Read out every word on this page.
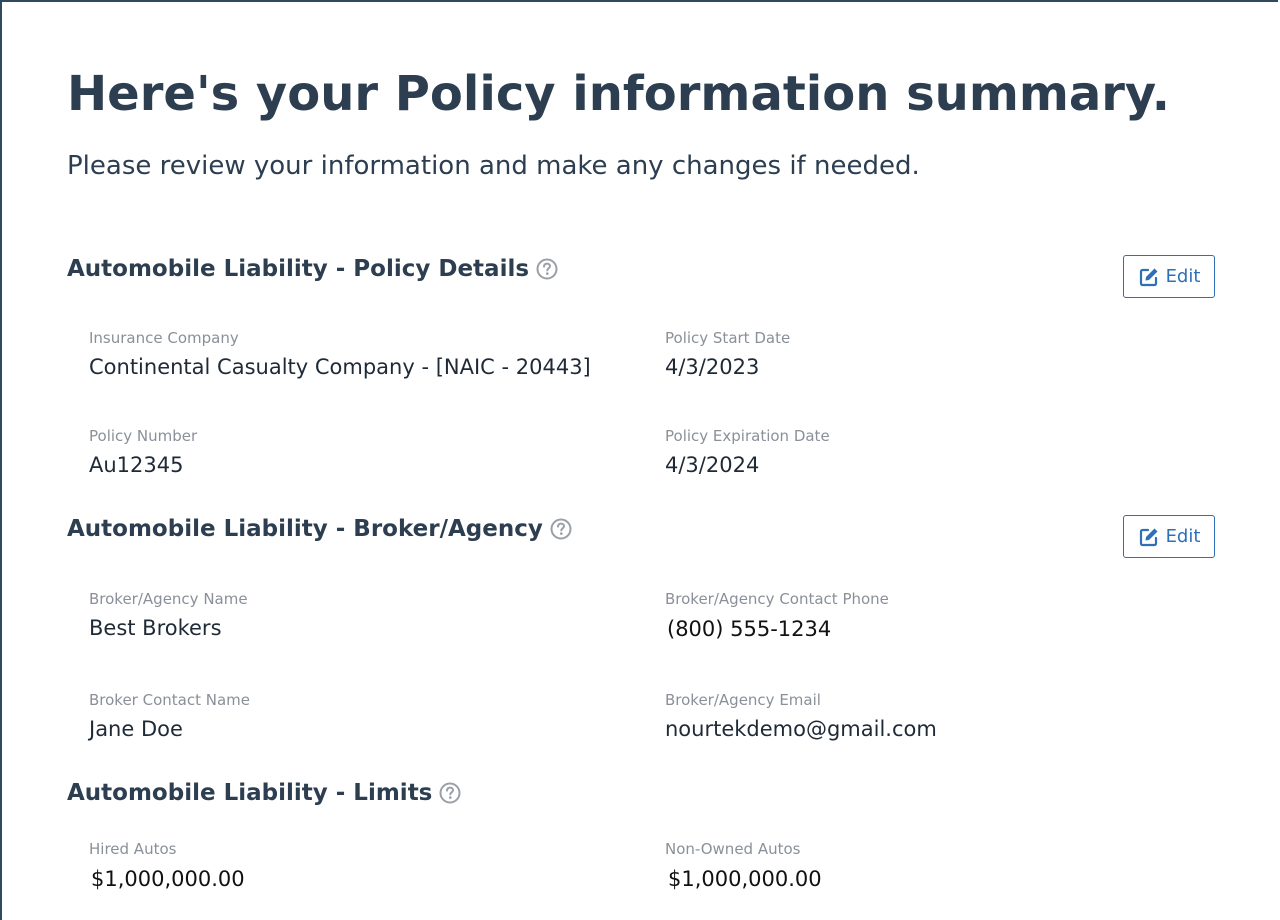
Here's your Policy information summary.

Please review your information and make any changes if needed.

Automobile Liability - Policy Details	Edit
Insurance Company
Continental Casualty Company - [NAIC - 20443]
Policy Start Date
4/3/2023
Policy Number
Au12345
Policy Expiration Date
4/3/2024
Automobile Liability - Broker/Agency	Edit
Broker/Agency Name
Best Brokers
Broker/Agency Contact Phone
(800) 555-1234
Broker Contact Name
Jane Doe
Broker/Agency Email
nourtekdemo@gmail.com
Automobile Liability - Limits
Hired Autos
$1,000,000.00
Non-Owned Autos
$1,000,000.00
